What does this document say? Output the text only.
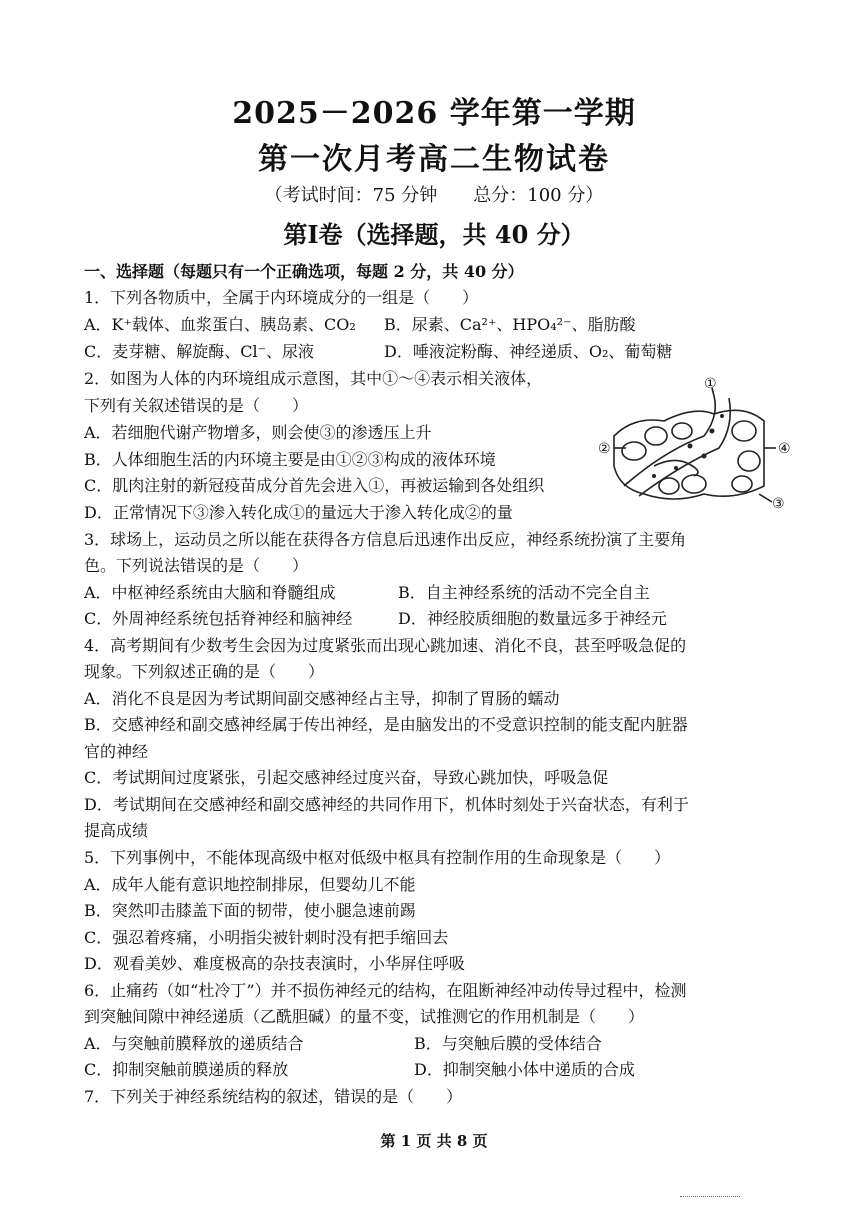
2025－2026 学年第一学期
第一次月考高二生物试卷
（考试时间：75 分钟　　总分：100 分）
第Ⅰ卷（选择题，共 40 分）
一、选择题（每题只有一个正确选项，每题 2 分，共 40 分）
1．下列各物质中，全属于内环境成分的一组是（　　）
A．K⁺载体、血浆蛋白、胰岛素、CO₂ B．尿素、Ca²⁺、HPO₄²⁻、脂肪酸
C．麦芽糖、解旋酶、Cl⁻、尿液	D．唾液淀粉酶、神经递质、O₂、葡萄糖
2．如图为人体的内环境组成示意图，其中①～④表示相关液体，
下列有关叙述错误的是（　　）
A．若细胞代谢产物增多，则会使③的渗透压上升
B．人体细胞生活的内环境主要是由①②③构成的液体环境
C．肌肉注射的新冠疫苗成分首先会进入①，再被运输到各处组织
D．正常情况下③渗入转化成①的量远大于渗入转化成②的量
①
②
③
④
3．球场上，运动员之所以能在获得各方信息后迅速作出反应，神经系统扮演了主要角
色。下列说法错误的是（　　）
A．中枢神经系统由大脑和脊髓组成	B．自主神经系统的活动不完全自主
C．外周神经系统包括脊神经和脑神经	D．神经胶质细胞的数量远多于神经元
4．高考期间有少数考生会因为过度紧张而出现心跳加速、消化不良，甚至呼吸急促的
现象。下列叙述正确的是（　　）
A．消化不良是因为考试期间副交感神经占主导，抑制了胃肠的蠕动
B．交感神经和副交感神经属于传出神经，是由脑发出的不受意识控制的能支配内脏器
官的神经
C．考试期间过度紧张，引起交感神经过度兴奋，导致心跳加快，呼吸急促
D．考试期间在交感神经和副交感神经的共同作用下，机体时刻处于兴奋状态，有利于
提高成绩
5．下列事例中，不能体现高级中枢对低级中枢具有控制作用的生命现象是（　　）
A．成年人能有意识地控制排尿，但婴幼儿不能
B．突然叩击膝盖下面的韧带，使小腿急速前踢
C．强忍着疼痛，小明指尖被针刺时没有把手缩回去
D．观看美妙、难度极高的杂技表演时，小华屏住呼吸
6．止痛药（如“杜冷丁”）并不损伤神经元的结构，在阻断神经冲动传导过程中，检测
到突触间隙中神经递质（乙酰胆碱）的量不变，试推测它的作用机制是（　　）
A．与突触前膜释放的递质结合	B．与突触后膜的受体结合
C．抑制突触前膜递质的释放	D．抑制突触小体中递质的合成
7．下列关于神经系统结构的叙述，错误的是（　　）
第 1 页 共 8 页
